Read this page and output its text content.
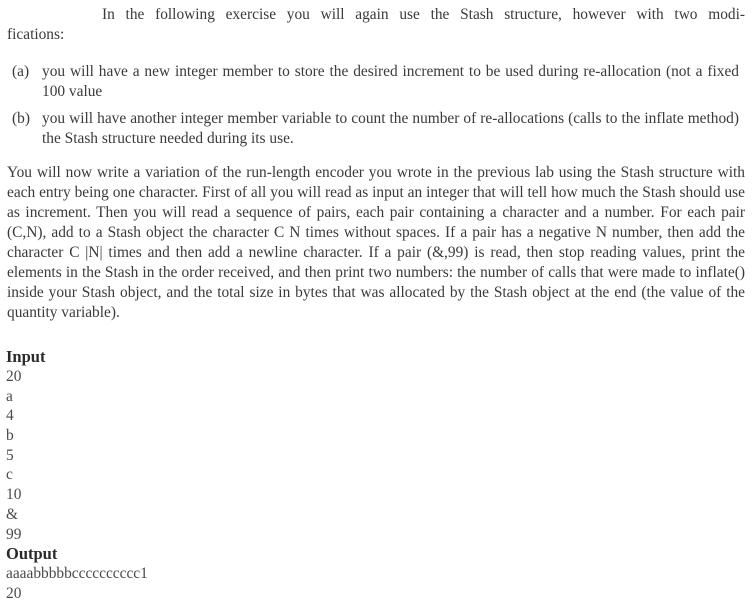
In the following exercise you will again use the Stash structure, however with two modi-
fications:

(a) you will have a new integer member to store the desired increment to be used during re-allocation (not a fixed 100 value
(b) you will have another integer member variable to count the number of re-allocations (calls to the inflate method) the Stash structure needed during its use.

You will now write a variation of the run-length encoder you wrote in the previous lab using the Stash structure with each entry being one character. First of all you will read as input an integer that will tell how much the Stash should use as increment. Then you will read a sequence of pairs, each pair containing a character and a number. For each pair (C,N), add to a Stash object the character C N times without spaces. If a pair has a negative N number, then add the character C |N| times and then add a newline character. If a pair (&,99) is read, then stop reading values, print the elements in the Stash in the order received, and then print two numbers: the number of calls that were made to inflate() inside your Stash object, and the total size in bytes that was allocated by the Stash object at the end (the value of the quantity variable).

Input
20
a
4
b
5
c
10
&
99
Output
aaaabbbbbcccccccccc1
20
